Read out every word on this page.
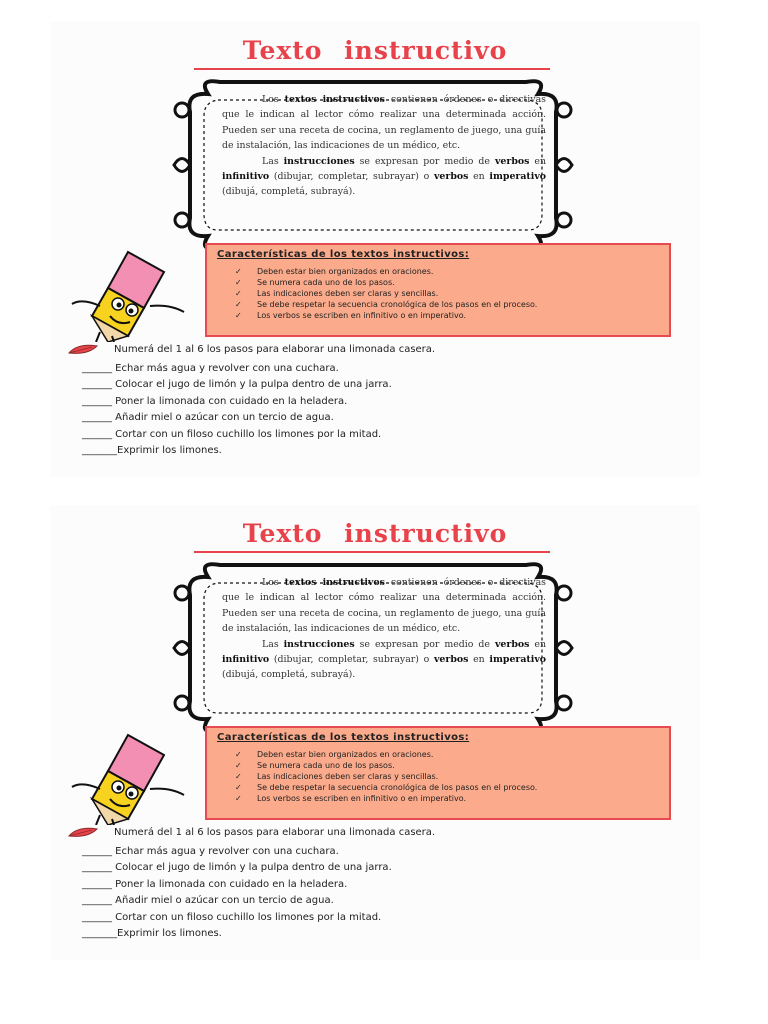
Texto instructivo

Los textos instructivos contienen órdenes o directivas que le indican al lector cómo realizar una determinada acción. Pueden ser una receta de cocina, un reglamento de juego, una guía de instalación, las indicaciones de un médico, etc.

Las instrucciones se expresan por medio de verbos en infinitivo (dibujar, completar, subrayar) o verbos en imperativo (dibujá, completá, subrayá).

Características de los textos instructivos:
✓ Deben estar bien organizados en oraciones.
✓ Se numera cada uno de los pasos.
✓ Las indicaciones deben ser claras y sencillas.
✓ Se debe respetar la secuencia cronológica de los pasos en el proceso.
✓ Los verbos se escriben en infinitivo o en imperativo.
Numerá del 1 al 6 los pasos para elaborar una limonada casera.
______ Echar más agua y revolver con una cuchara.
______ Colocar el jugo de limón y la pulpa dentro de una jarra.
______ Poner la limonada con cuidado en la heladera.
______ Añadir miel o azúcar con un tercio de agua.
______ Cortar con un filoso cuchillo los limones por la mitad.
_______Exprimir los limones.
Texto instructivo

Los textos instructivos contienen órdenes o directivas que le indican al lector cómo realizar una determinada acción. Pueden ser una receta de cocina, un reglamento de juego, una guía de instalación, las indicaciones de un médico, etc.

Las instrucciones se expresan por medio de verbos en infinitivo (dibujar, completar, subrayar) o verbos en imperativo (dibujá, completá, subrayá).

Características de los textos instructivos:
✓ Deben estar bien organizados en oraciones.
✓ Se numera cada uno de los pasos.
✓ Las indicaciones deben ser claras y sencillas.
✓ Se debe respetar la secuencia cronológica de los pasos en el proceso.
✓ Los verbos se escriben en infinitivo o en imperativo.
Numerá del 1 al 6 los pasos para elaborar una limonada casera.
______ Echar más agua y revolver con una cuchara.
______ Colocar el jugo de limón y la pulpa dentro de una jarra.
______ Poner la limonada con cuidado en la heladera.
______ Añadir miel o azúcar con un tercio de agua.
______ Cortar con un filoso cuchillo los limones por la mitad.
_______Exprimir los limones.
